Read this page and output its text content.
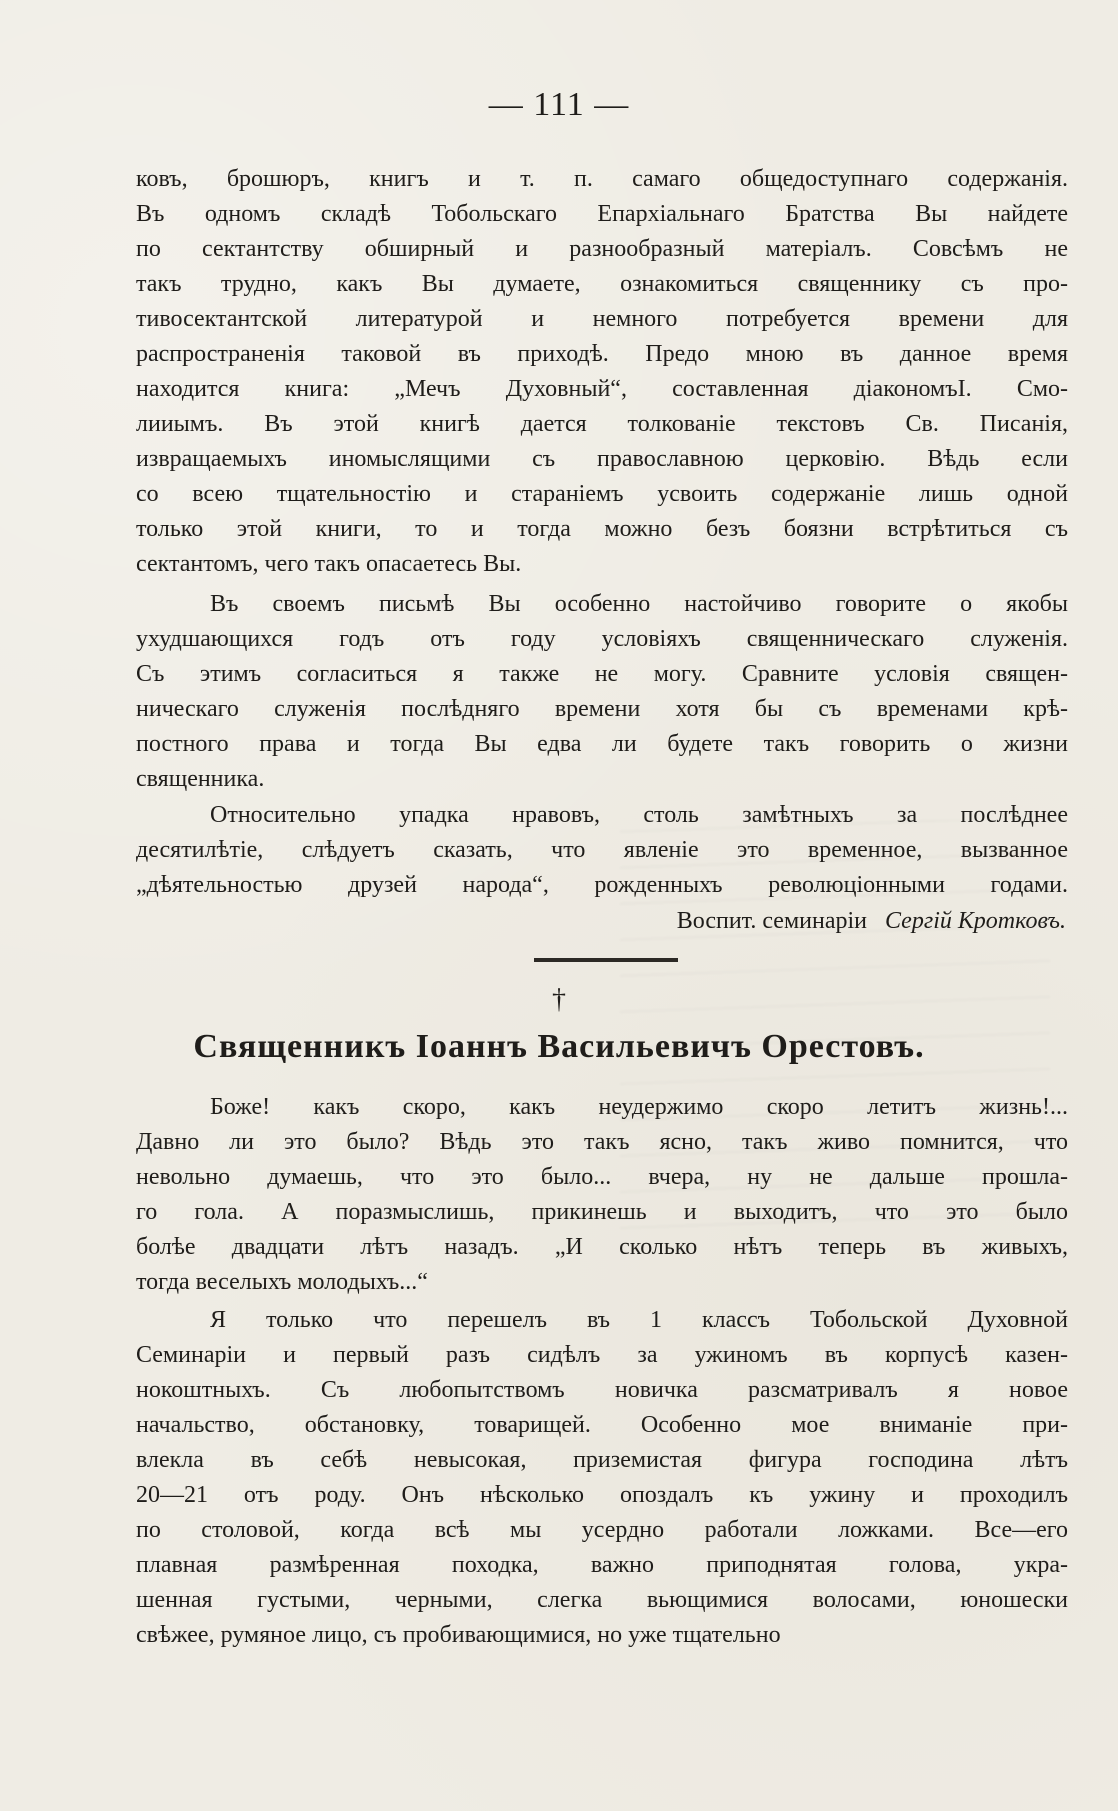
— 111 —

ковъ, брошюръ, книгъ и т. п. самаго общедоступнаго содержанія.

Въ одномъ складѣ Тобольскаго Епархіальнаго Братства Вы найдете

по сектантству обширный и разнообразный матеріалъ. Совсѣмъ не

такъ трудно, какъ Вы думаете, ознакомиться священнику съ про-

тивосектантской литературой и немного потребуется времени для

распространенія таковой въ приходѣ. Предо мною въ данное время

находится книга: „Мечъ Духовный“, составленная діакономъІ. Смо-

лииымъ. Въ этой книгѣ дается толкованіе текстовъ Св. Писанія,

извращаемыхъ иномыслящими съ православною церковію. Вѣдь если

со всею тщательностію и стараніемъ усвоить содержаніе лишь одной

только этой книги, то и тогда можно безъ боязни встрѣтиться съ

сектантомъ, чего такъ опасаетесь Вы.

Въ своемъ письмѣ Вы особенно настойчиво говорите о якобы

ухудшающихся годъ отъ году условіяхъ священническаго служенія.

Съ этимъ согласиться я также не могу. Сравните условія священ-

ническаго служенія послѣдняго времени хотя бы съ временами крѣ-

постного права и тогда Вы едва ли будете такъ говорить о жизни

священника.

Относительно упадка нравовъ, столь замѣтныхъ за послѣднее

десятилѣтіе, слѣдуетъ сказать, что явленіе это временное, вызванное

„дѣятельностью друзей народа“, рожденныхъ революціонными годами.

Воспит. семинаріи Сергій Кротковъ.
†
Священникъ Іоаннъ Васильевичъ Орестовъ.

Боже! какъ скоро, какъ неудержимо скоро летитъ жизнь!...

Давно ли это было? Вѣдь это такъ ясно, такъ живо помнится, что

невольно думаешь, что это было... вчера, ну не дальше прошла-

го гола. А поразмыслишь, прикинешь и выходитъ, что это было

болѣе двадцати лѣтъ назадъ. „И сколько нѣтъ теперь въ живыхъ,

тогда веселыхъ молодыхъ...“

Я только что перешелъ въ 1 классъ Тобольской Духовной

Семинаріи и первый разъ сидѣлъ за ужиномъ въ корпусѣ казен-

нокоштныхъ. Съ любопытствомъ новичка разсматривалъ я новое

начальство, обстановку, товарищей. Особенно мое вниманіе при-

влекла въ себѣ невысокая, приземистая фигура господина лѣтъ

20—21 отъ роду. Онъ нѣсколько опоздалъ къ ужину и проходилъ

по столовой, когда всѣ мы усердно работали ложками. Все—его

плавная размѣренная походка, важно приподнятая голова, укра-

шенная густыми, черными, слегка вьющимися волосами, юношески

свѣжее, румяное лицо, съ пробивающимися, но уже тщательно
